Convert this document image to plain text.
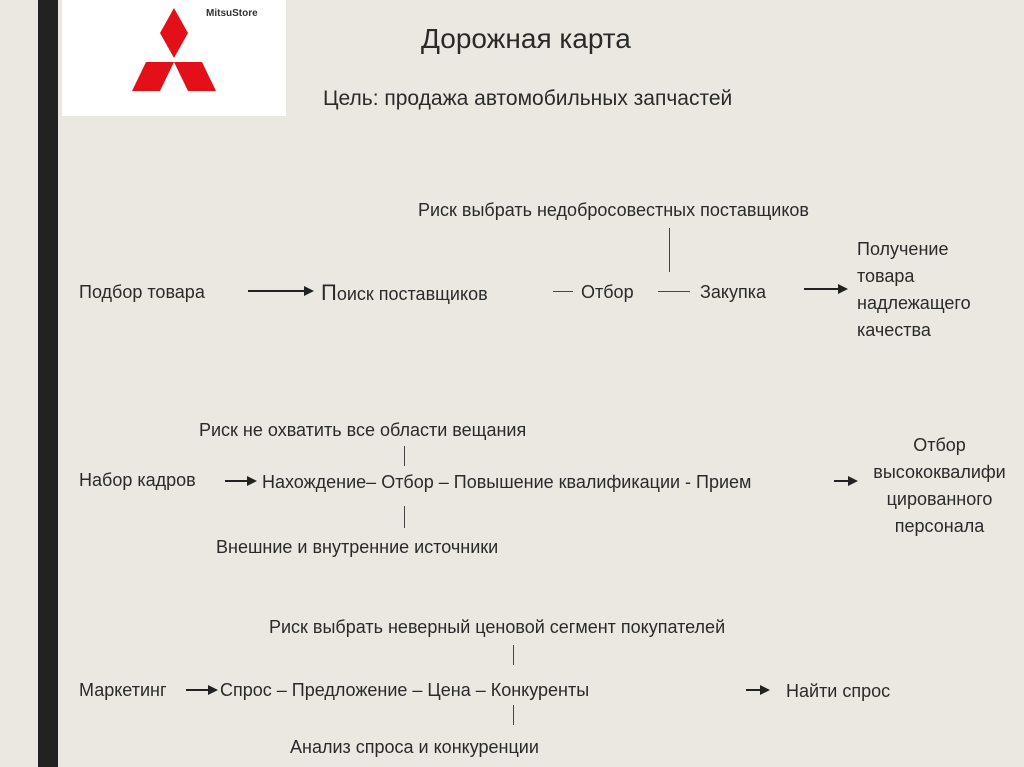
MitsuStore
Дорожная карта
Цель: продажа автомобильных запчастей
Риск выбрать недобросовестных поставщиков
Подбор товара	Поиск поставщиков	Отбор	Закупка
Получение
товара
надлежащего
качества
Риск не охватить все области вещания
Набор кадров	Нахождение– Отбор – Повышение квалификации - Прием
Отбор
высококвалифи
цированного
персонала
Внешние и внутренние источники
Риск выбрать неверный ценовой сегмент покупателей
Маркетинг	Спрос – Предложение – Цена – Конкуренты	Найти спрос
Анализ спроса и конкуренции
